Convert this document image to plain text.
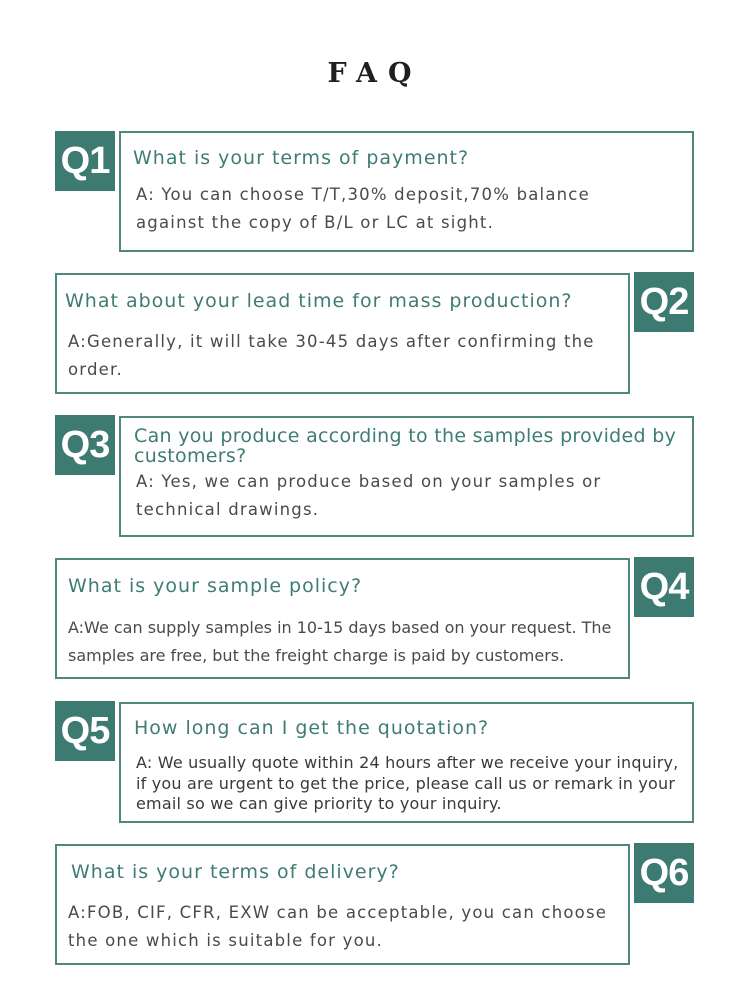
FAQ
Q1 What is your terms of payment?
A: You can choose T/T,30% deposit,70% balance against the copy of B/L or LC at sight.
What about your lead time for mass production?
A:Generally, it will take 30-45 days after confirming the order.
Q2
Q3 Can you produce according to the samples provided by customers?
A: Yes, we can produce based on your samples or technical drawings.
What is your sample policy?
A:We can supply samples in 10-15 days based on your request. The samples are free, but the freight charge is paid by customers.
Q4
Q5 How long can I get the quotation?
A: We usually quote within 24 hours after we receive your inquiry, if you are urgent to get the price, please call us or remark in your email so we can give priority to your inquiry.
What is your terms of delivery?
A:FOB, CIF, CFR, EXW can be acceptable, you can choose the one which is suitable for you.
Q6
